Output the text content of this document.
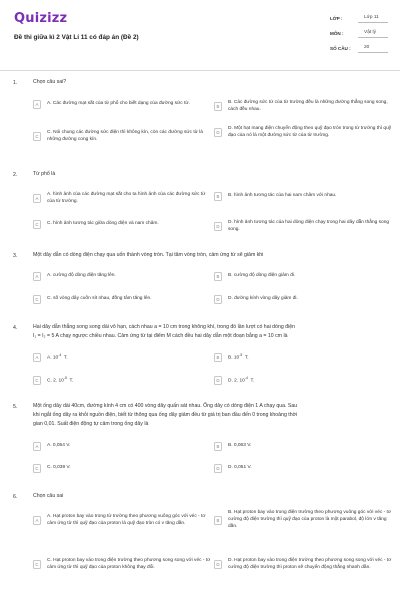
Quizizz
Đề thi giữa kì 2 Vật Lí 11 có đáp án (Đề 2)
LỚP :	Lớp 11
MÔN :	Vật lý
SỐ CÂU :	20
1.	Chọn câu sai?
A	A. Các đường mạt sắt của từ phổ cho biết dạng của đường sức từ.
B
B. Các đường sức từ của từ trường đều là những đường thẳng song song, cách đều nhau.
C
C. Nói chung các đường sức điện thì không kín, còn các đường sức từ là những đường cong kín.
D
D. Một hạt mang điện chuyển động theo quỹ đạo tròn trong từ trường thì quỹ đạo của nó là một đường sức từ của từ trường.
2.	Từ phổ là
A
A. hình ảnh của các đường mạt sắt cho ta hình ảnh của các đường sức từ của từ trường.
B	B. hình ảnh tương tác của hai nam châm với nhau.
C	C. hình ảnh tương tác giữa dòng điện và nam châm.
D
D. hình ảnh tương tác của hai dòng điện chạy trong hai dây dẫn thẳng song song.
3.	Một dây dẫn có dòng điện chạy qua uốn thành vòng tròn. Tại tâm vòng tròn, cảm ứng từ sẽ giảm khi
A	A. cường độ dòng điện tăng lên.	B	B. cường độ dòng điện giảm đi.
C	C. số vòng dây cuốn sít nhau, đồng tâm tăng lên.	D	D. đường kính vòng dây giảm đi.
4.	Hai dây dẫn thẳng song song dài vô hạn, cách nhau a = 10 cm trong không khí, trong đó lần lượt có hai dòng điện
I₁ = I₂ = 5 A chạy ngược chiều nhau. Cảm ứng từ tại điểm M cách đều hai dây dẫn một đoạn bằng a = 10 cm là
A	A. $10^{-4}$  T.	B	B. $10^{-5}$  T.
C	C. 2. $10^{-5}$  T.	D	D. 2. $10^{-4}$  T.
5.	Một ống dây dài 40cm, đường kính 4 cm có 400 vòng dây quấn sát nhau. Ống dây có dòng điện 1 A chạy qua. Sau
khi ngắt ống dây ra khỏi nguồn điện, biết từ thông qua ống dây giảm đều từ giá trị ban đầu đến 0 trong khoảng thời
gian 0,01. Suất điện động tự cảm trong ống dây là
A	A. 0,054 V.	B	B. 0,063 V.
C	C. 0,039 V.	D	D. 0,051 V.
6.	Chọn câu sai
A
A. Hạt proton bay vào trong từ trường theo phương vuông góc với véc - tơ cảm ứng từ thì quỹ đạo của proton là quỹ đạo tròn có v tăng dần.
B
B. Hạt proton bay vào trong điện trường theo phương vuông góc với véc - tơ cường độ điện trường thì quỹ đạo của proton là một parabol, độ lớn v tăng dần.
C
C. Hạt proton bay vào trong điện trường theo phương song song với véc - tơ cảm ứng từ thì quỹ đạo của proton không thay đổi.	D
D. Hạt proton bay vào trong điện trường theo phương song song với véc - tơ cường độ điện trường thì proton sẽ chuyển động thẳng nhanh dần.
